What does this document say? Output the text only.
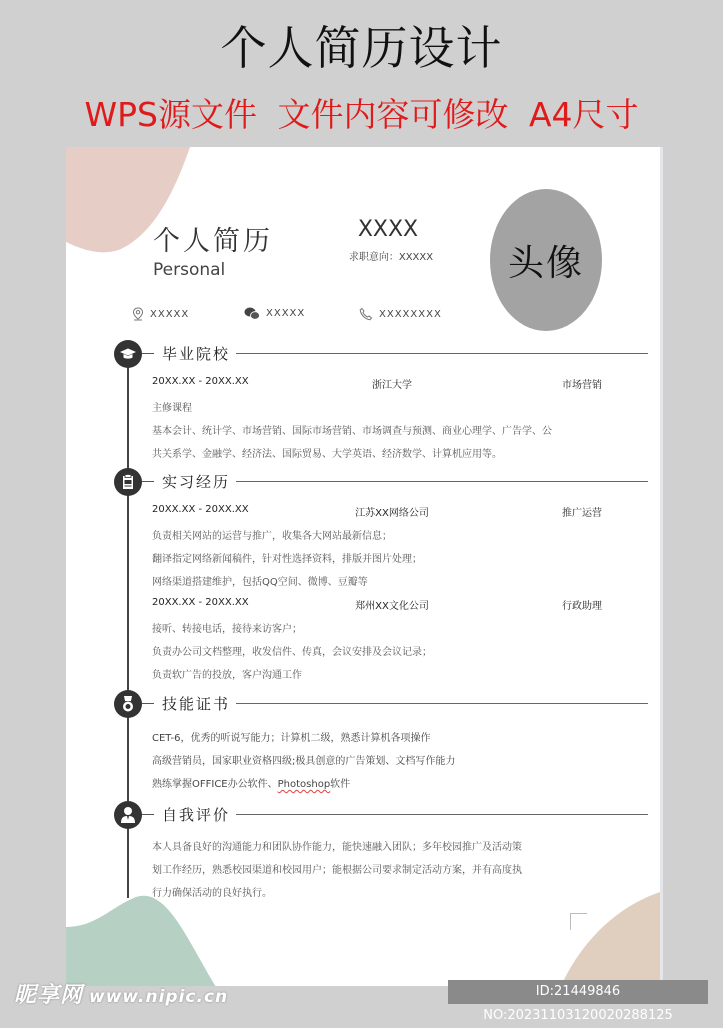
个人简历设计
WPS源文件 文件内容可修改 A4尺寸
个人简历
Personal
XXXX
求职意向：XXXXX	头像
XXXXX	XXXXX	XXXXXXXX
毕业院校
20XX.XX - 20XX.XX	浙江大学	市场营销
主修课程
基本会计、统计学、市场营销、国际市场营销、市场调查与预测、商业心理学、广告学、公
共关系学、金融学、经济法、国际贸易、大学英语、经济数学、计算机应用等。
实习经历
20XX.XX - 20XX.XX	江苏XX网络公司	推广运营
负责相关网站的运营与推广，收集各大网站最新信息；
翻译指定网络新闻稿件，针对性选择资料，排版并图片处理；
网络渠道搭建维护，包括QQ空间、微博、豆瓣等
20XX.XX - 20XX.XX	郑州XX文化公司	行政助理
接听、转接电话，接待来访客户；
负责办公司文档整理，收发信件、传真，会议安排及会议记录；
负责软广告的投放，客户沟通工作
技能证书
CET-6，优秀的听说写能力；计算机二级，熟悉计算机各项操作
高级营销员，国家职业资格四级;极具创意的广告策划、文档写作能力
熟练掌握OFFICE办公软件、Photoshop软件
自我评价
本人具备良好的沟通能力和团队协作能力，能快速融入团队；多年校园推广及活动策
划工作经历，熟悉校园渠道和校园用户；能根据公司要求制定活动方案，并有高度执
行力确保活动的良好执行。
昵享网 www.nipic.cn	ID:21449846 NO:20231103120020288125
